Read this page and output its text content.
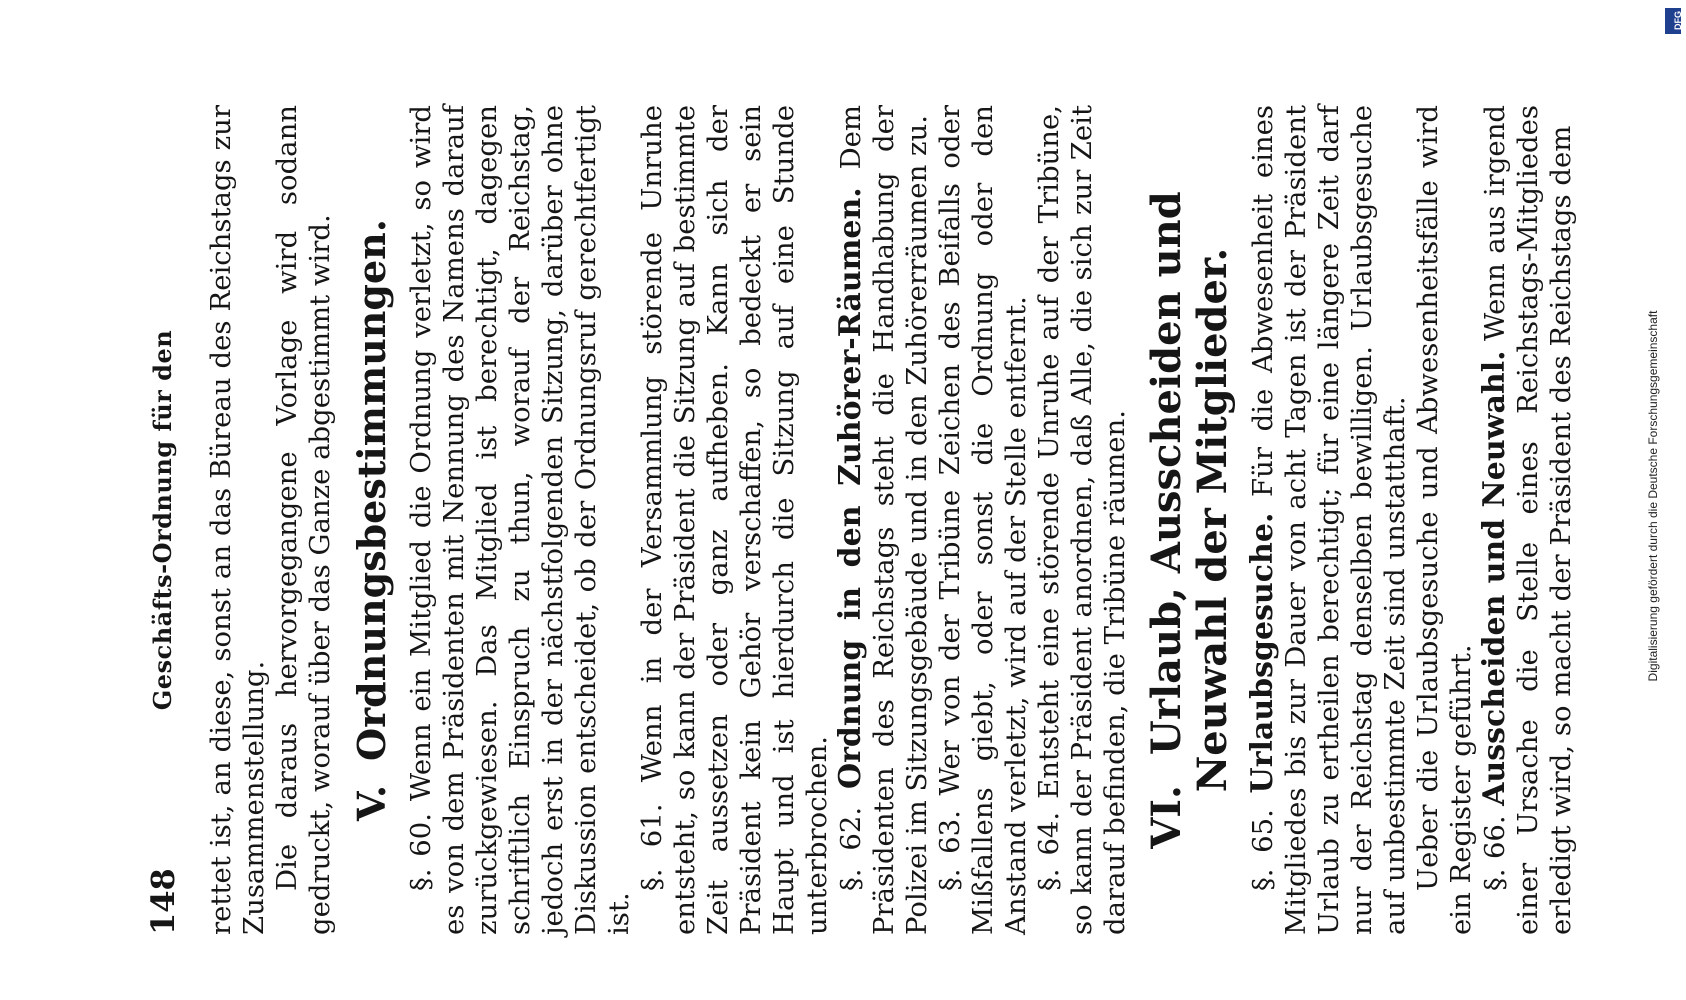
148
Geschäfts-Ordnung für den rettet ist, an diese, sonst an das Büreau des Reichstags zur Zusammenstellung. Die daraus hervorgegangene Vorlage wird sodann gedruckt, worauf über das Ganze abgestimmt wird. V.Ordnungsbestimmungen. §. 60. Wenn ein Mitglied die Ordnung verletzt, so wird es von dem Präsidenten mit Nennung des Namens darauf zurückgewiesen. Das Mitglied ist berechtigt, dagegen schriftlich Einspruch zu thun, worauf der Reichstag, jedoch erst in der nächstfolgenden Sitzung, darüber ohne Diskussion entscheidet, ob der Ordnungsruf gerechtfertigt ist.

§. 61. Wenn in der Versammlung störende Unruhe entsteht, so kann der Präsident die Sitzung auf bestimmte Zeit aussetzen oder ganz aufheben. Kann sich der Präsident kein Gehör verschaffen, so bedeckt er sein Haupt und ist hierdurch die Sitzung auf eine Stunde unterbrochen. §. 62. Ordnung in den Zuhörer-Räumen. Dem Präsidenten des Reichstags steht die Handhabung der Polizei im Sitzungsgebäude und in den Zuhörerräumen zu. §. 63. Wer von der Tribüne Zeichen des Beifalls oder Mißfallens giebt, oder sonst die Ordnung oder den Anstand verletzt, wird auf der Stelle entfernt. §. 64. Entsteht eine störende Unruhe auf der Tribüne, so kann der Präsident anordnen, daß Alle, die sich zur Zeit darauf befinden, die Tribüne räumen. VI.Urlaub, Ausscheiden und Neuwahl der Mitglieder.

§. 65. Urlaubsgesuche. Für die Abwesenheit eines Mitgliedes bis zur Dauer von acht Tagen ist der Präsident Urlaub zu ertheilen berechtigt; für eine längere Zeit darf nur der Reichstag denselben bewilligen. Urlaubsgesuche auf unbestimmte Zeit sind unstatthaft. Ueber die Urlaubsgesuche und Abwesenheitsfälle wird ein Register geführt. §. 66. Ausscheiden und Neuwahl. Wenn aus irgend einer Ursache die Stelle eines Reichstags-Mitgliedes erledigt wird, so macht der Präsident des Reichstags dem	Digitalisierung gefördert durch die Deutsche Forschungsgemeinschaft
DFG
